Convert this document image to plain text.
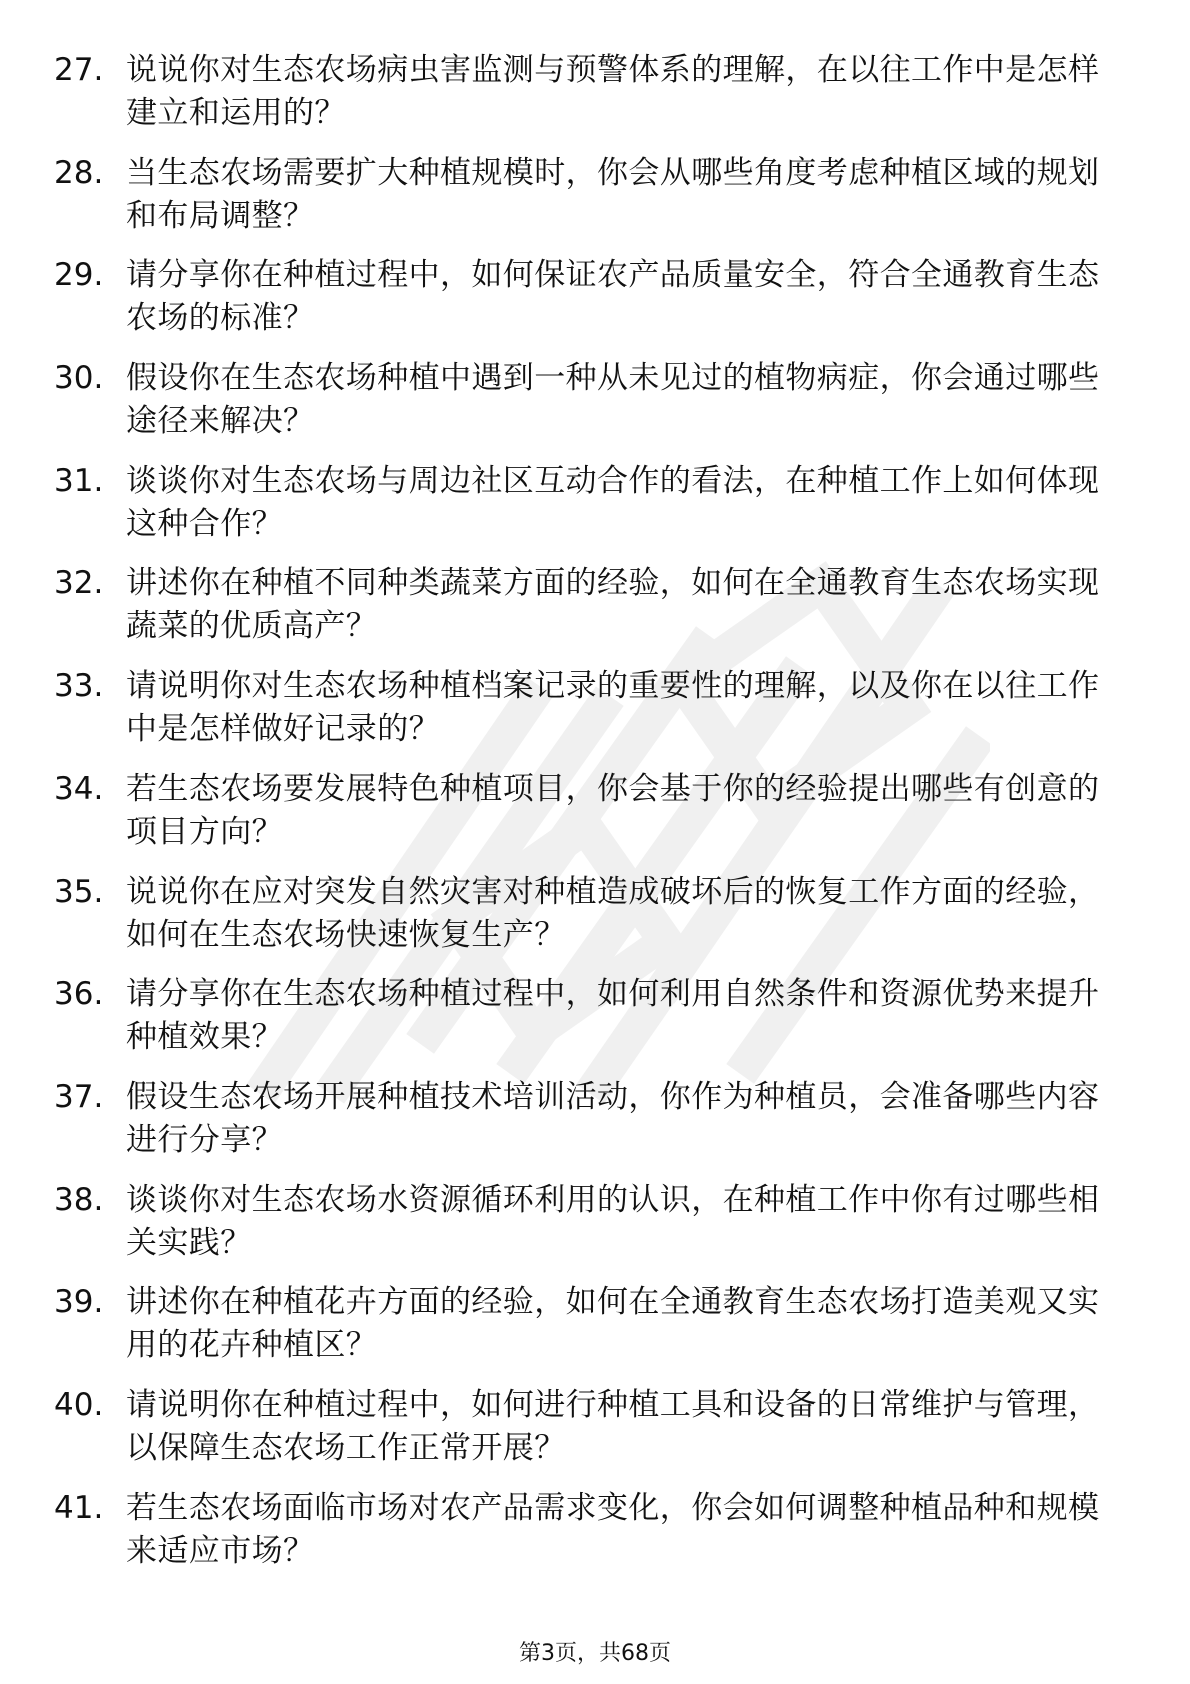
27. 说说你对生态农场病虫害监测与预警体系的理解，在以往工作中是怎样建立和运用的？
28. 当生态农场需要扩大种植规模时，你会从哪些角度考虑种植区域的规划和布局调整？
29. 请分享你在种植过程中，如何保证农产品质量安全，符合全通教育生态农场的标准？
30. 假设你在生态农场种植中遇到一种从未见过的植物病症，你会通过哪些途径来解决？
31. 谈谈你对生态农场与周边社区互动合作的看法，在种植工作上如何体现这种合作？
32. 讲述你在种植不同种类蔬菜方面的经验，如何在全通教育生态农场实现蔬菜的优质高产？
33. 请说明你对生态农场种植档案记录的重要性的理解，以及你在以往工作中是怎样做好记录的？
34. 若生态农场要发展特色种植项目，你会基于你的经验提出哪些有创意的项目方向？
35. 说说你在应对突发自然灾害对种植造成破坏后的恢复工作方面的经验，如何在生态农场快速恢复生产？
36. 请分享你在生态农场种植过程中，如何利用自然条件和资源优势来提升种植效果？
37. 假设生态农场开展种植技术培训活动，你作为种植员，会准备哪些内容进行分享？
38. 谈谈你对生态农场水资源循环利用的认识，在种植工作中你有过哪些相关实践？
39. 讲述你在种植花卉方面的经验，如何在全通教育生态农场打造美观又实用的花卉种植区？
40. 请说明你在种植过程中，如何进行种植工具和设备的日常维护与管理，以保障生态农场工作正常开展？
41. 若生态农场面临市场对农产品需求变化，你会如何调整种植品种和规模来适应市场？
第3页，共68页
